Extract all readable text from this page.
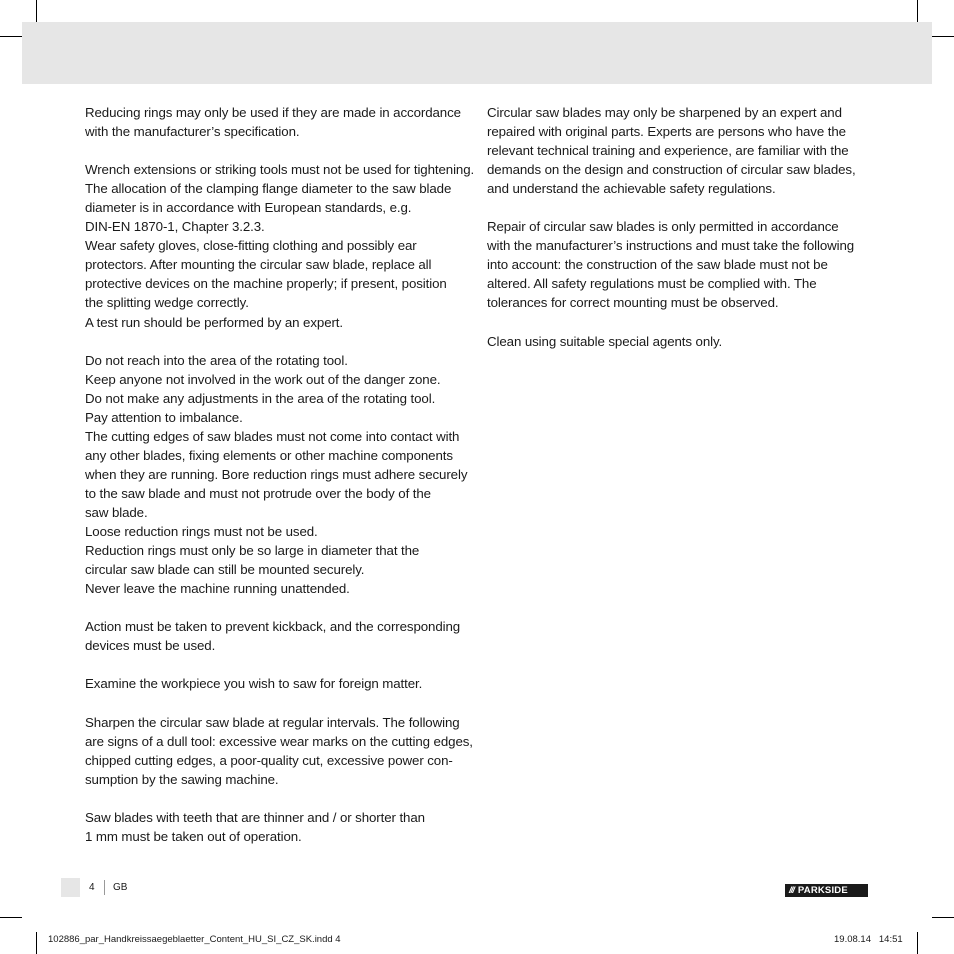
Reducing rings may only be used if they are made in accordance

with the manufacturer’s specification.

Wrench extensions or striking tools must not be used for tightening.

The allocation of the clamping flange diameter to the saw blade

diameter is in accordance with European standards, e.g.

DIN-EN 1870-1, Chapter 3.2.3.

Wear safety gloves, close-fitting clothing and possibly ear

protectors. After mounting the circular saw blade, replace all

protective devices on the machine properly; if present, position

the splitting wedge correctly.

A test run should be performed by an expert.

Do not reach into the area of the rotating tool.

Keep anyone not involved in the work out of the danger zone.

Do not make any adjustments in the area of the rotating tool.

Pay attention to imbalance.

The cutting edges of saw blades must not come into contact with

any other blades, fixing elements or other machine components

when they are running. Bore reduction rings must adhere securely

to the saw blade and must not protrude over the body of the

saw blade.

Loose reduction rings must not be used.

Reduction rings must only be so large in diameter that the

circular saw blade can still be mounted securely.

Never leave the machine running unattended.

Action must be taken to prevent kickback, and the corresponding

devices must be used.

Examine the workpiece you wish to saw for foreign matter.

Sharpen the circular saw blade at regular intervals. The following

are signs of a dull tool: excessive wear marks on the cutting edges,

chipped cutting edges, a poor-quality cut, excessive power con-

sumption by the sawing machine.

Saw blades with teeth that are thinner and / or shorter than

1 mm must be taken out of operation.

Circular saw blades may only be sharpened by an expert and

repaired with original parts. Experts are persons who have the

relevant technical training and experience, are familiar with the

demands on the design and construction of circular saw blades,

and understand the achievable safety regulations.

Repair of circular saw blades is only permitted in accordance

with the manufacturer’s instructions and must take the following

into account: the construction of the saw blade must not be

altered. All safety regulations must be complied with. The

tolerances for correct mounting must be observed.

Clean using suitable special agents only.

4 GB	/// PARKSIDE
102886_par_Handkreissaegeblaetter_Content_HU_SI_CZ_SK.indd 4	19.08.14   14:51
